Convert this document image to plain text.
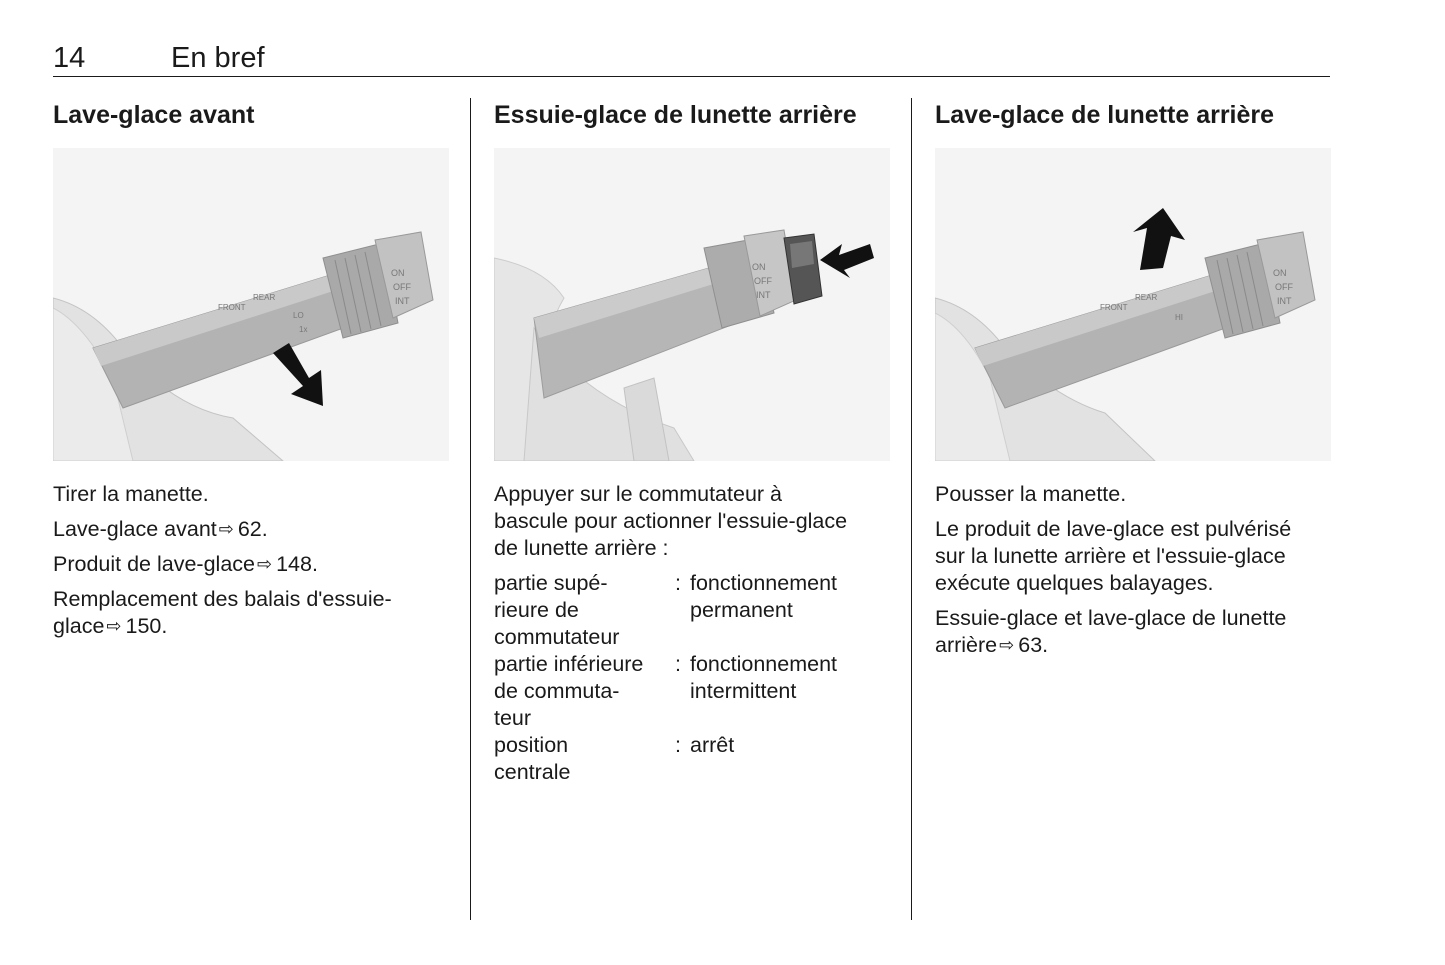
14	En bref
Lave-glace avant
ON
OFF
INT
FRONT
REAR
LO
1x

Tirer la manette.

Lave-glace avant ⇨ 62.

Produit de lave-glace ⇨ 148.

Remplacement des balais d'essuie-
glace ⇨ 150.

Essuie-glace de lunette arrière
ON
OFF
INT

Appuyer sur le commutateur à
bascule pour actionner l'essuie-glace
de lunette arrière :

partie supé-
rieure de
commutateur	:	fonctionnement
permanent
partie inférieure
de commuta-
teur	:	fonctionnement
intermittent
position
centrale	:	arrêt
Lave-glace de lunette arrière
ON
OFF
INT
FRONT
REAR
HI

Pousser la manette.

Le produit de lave-glace est pulvérisé
sur la lunette arrière et l'essuie-glace
exécute quelques balayages.

Essuie-glace et lave-glace de lunette
arrière ⇨ 63.
